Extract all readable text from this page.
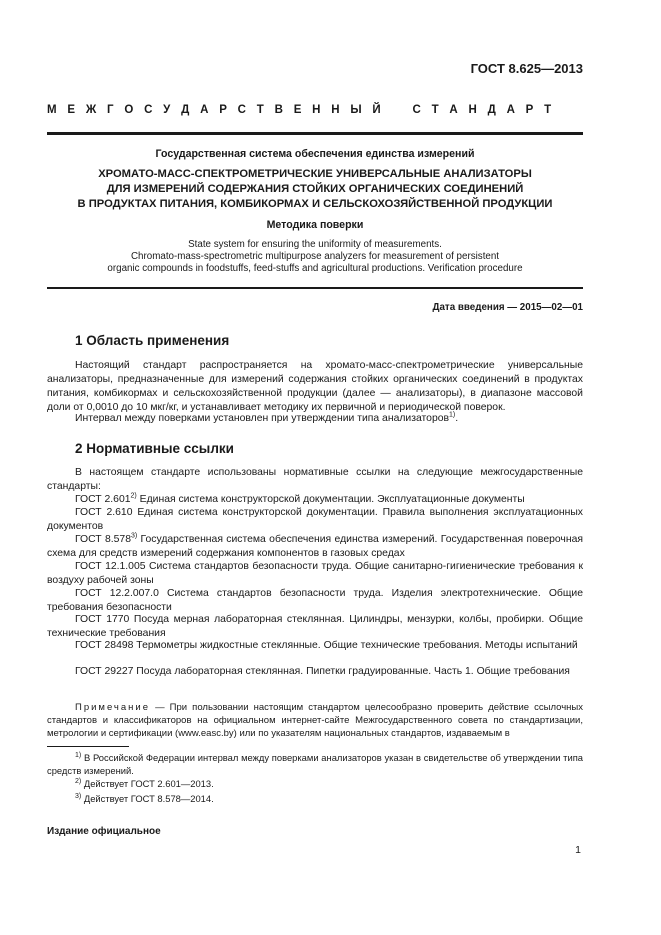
ГОСТ 8.625—2013
М Е Ж Г О С У Д А Р С Т В Е Н Н Ы Й    С Т А Н Д А Р Т
Государственная система обеспечения единства измерений
ХРОМАТО-МАСС-СПЕКТРОМЕТРИЧЕСКИЕ УНИВЕРСАЛЬНЫЕ АНАЛИЗАТОРЫ
ДЛЯ ИЗМЕРЕНИЙ СОДЕРЖАНИЯ СТОЙКИХ ОРГАНИЧЕСКИХ СОЕДИНЕНИЙ
В ПРОДУКТАХ ПИТАНИЯ, КОМБИКОРМАХ И СЕЛЬСКОХОЗЯЙСТВЕННОЙ ПРОДУКЦИИ
Методика поверки
State system for ensuring the uniformity of measurements.
Chromato-mass-spectrometric multipurpose analyzers for measurement of persistent
organic compounds in foodstuffs, feed-stuffs and agricultural productions. Verification procedure
Дата введения — 2015—02—01
1 Область применения
Настоящий стандарт распространяется на хромато-масс-спектрометрические универсальные анализаторы, предназначенные для измерений содержания стойких органических соединений в продуктах питания, комбикормах и сельскохозяйственной продукции (далее — анализаторы), в диапазоне массовой доли от 0,0010 до 10 мкг/кг, и устанавливает методику их первичной и периодической поверок.
Интервал между поверками установлен при утверждении типа анализаторов$^{1)}$.
2 Нормативные ссылки
В настоящем стандарте использованы нормативные ссылки на следующие межгосударственные стандарты:
ГОСТ 2.601$^{2)}$ Единая система конструкторской документации. Эксплуатационные документы
ГОСТ 2.610 Единая система конструкторской документации. Правила выполнения эксплуатационных документов
ГОСТ 8.578$^{3)}$ Государственная система обеспечения единства измерений. Государственная поверочная схема для средств измерений содержания компонентов в газовых средах
ГОСТ 12.1.005 Система стандартов безопасности труда. Общие санитарно-гигиенические требования к воздуху рабочей зоны
ГОСТ 12.2.007.0 Система стандартов безопасности труда. Изделия электротехнические. Общие требования безопасности
ГОСТ 1770 Посуда мерная лабораторная стеклянная. Цилиндры, мензурки, колбы, пробирки. Общие технические требования
ГОСТ 28498 Термометры жидкостные стеклянные. Общие технические требования. Методы испытаний
ГОСТ 29227 Посуда лабораторная стеклянная. Пипетки градуированные. Часть 1. Общие требования
Примечание — При пользовании настоящим стандартом целесообразно проверить действие ссылочных стандартов и классификаторов на официальном интернет-сайте Межгосударственного совета по стандартизации, метрологии и сертификации (www.easc.by) или по указателям национальных стандартов, издаваемым в
$^{1)}$ В Российской Федерации интервал между поверками анализаторов указан в свидетельстве об утверждении типа средств измерений.
$^{2)}$ Действует ГОСТ 2.601—2013.
$^{3)}$ Действует ГОСТ 8.578—2014.
Издание официальное
1
